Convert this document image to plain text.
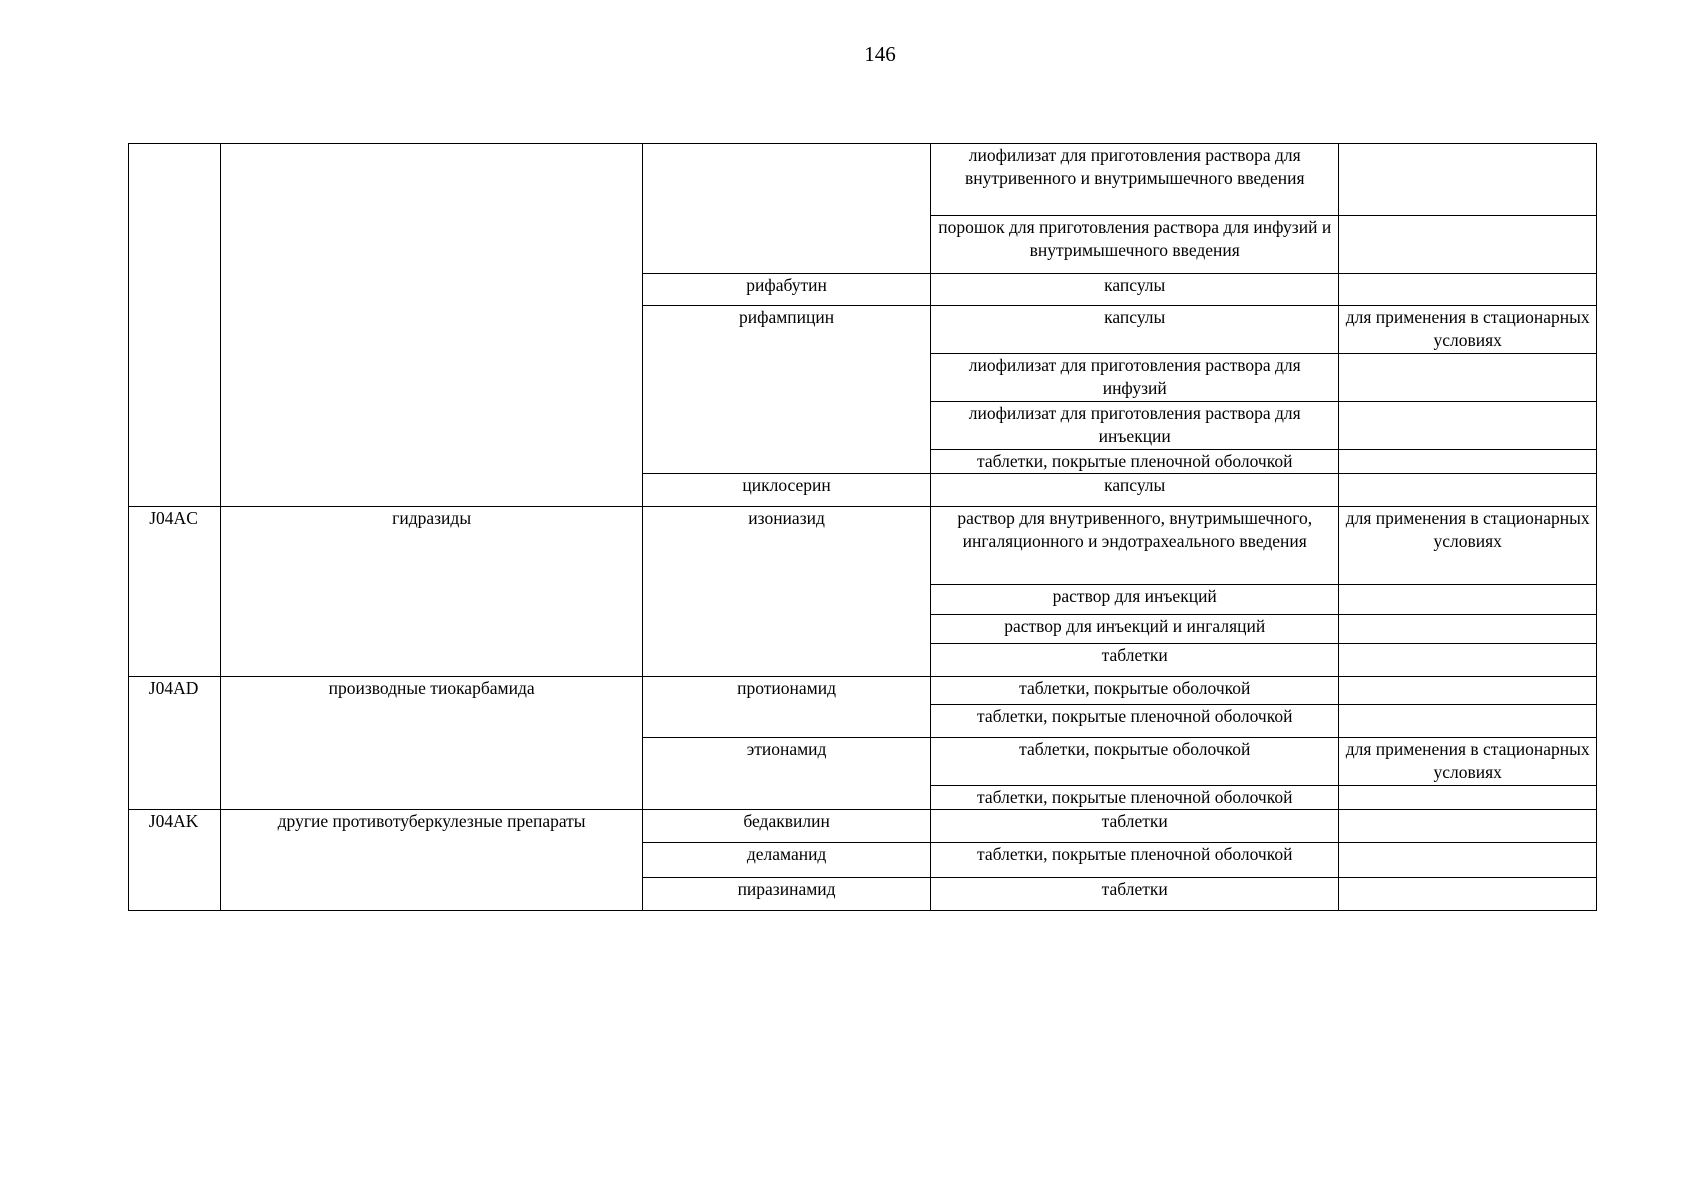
146
			лиофилизат для приготовления раствора для внутривенного и внутримышечного введения	
			порошок для приготовления раствора для инфузий и внутримышечного введения	
		рифабутин	капсулы	
		рифампицин	капсулы	для применения в стационарных условиях
			лиофилизат для приготовления раствора для инфузий	
			лиофилизат для приготовления раствора для инъекции	
			таблетки, покрытые пленочной оболочкой	
		циклосерин	капсулы	
J04AC	гидразиды	изониазид	раствор для внутривенного, внутримышечного, ингаляционного и эндотрахеального введения	для применения в стационарных условиях
			раствор для инъекций	
			раствор для инъекций и ингаляций	
			таблетки	
J04AD	производные тиокарбамида	протионамид	таблетки, покрытые оболочкой	
			таблетки, покрытые пленочной оболочкой	
		этионамид	таблетки, покрытые оболочкой	для применения в стационарных условиях
			таблетки, покрытые пленочной оболочкой	
J04AK	другие противотуберкулезные препараты	бедаквилин	таблетки	
		деламанид	таблетки, покрытые пленочной оболочкой	
		пиразинамид	таблетки	
